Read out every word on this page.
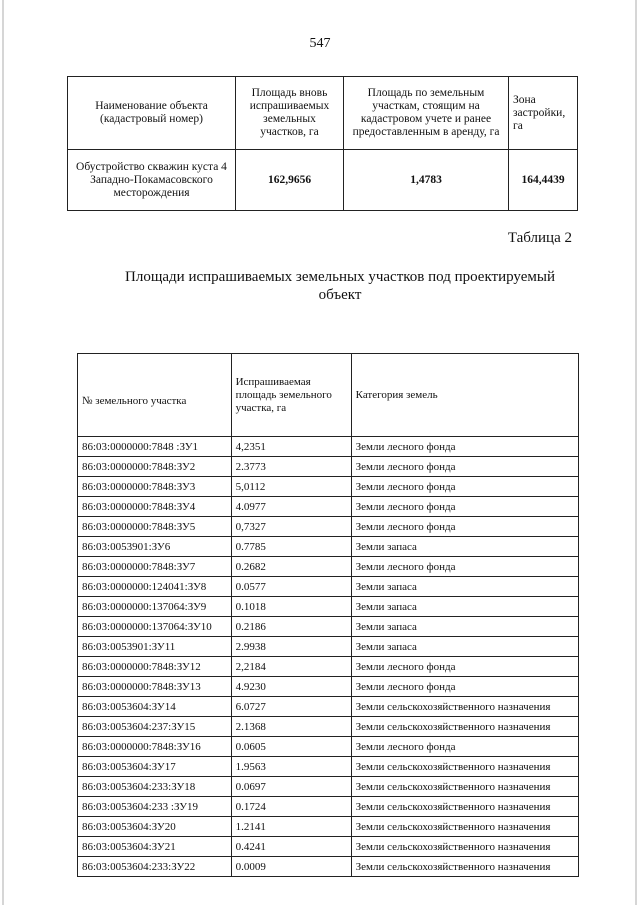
547
Наименование объекта (кадастровый номер)	Площадь вновь испрашиваемых земельных участков, га	Площадь по земельным участкам, стоящим на кадастровом учете и ранее предоставленным в аренду, га	Зона застройки, га
Обустройство скважин куста 4 Западно-Покамасовского месторождения	162,9656	1,4783	164,4439
Таблица 2
Площади испрашиваемых земельных участков под проектируемый объект
№ земельного участка	Испрашиваемая площадь земельного участка, га	Категория земель
86:03:0000000:7848 :ЗУ1	4,2351	Земли лесного фонда
86:03:0000000:7848:ЗУ2	2.3773	Земли лесного фонда
86:03:0000000:7848:ЗУ3	5,0112	Земли лесного фонда
86:03:0000000:7848:ЗУ4	4.0977	Земли лесного фонда
86:03:0000000:7848:ЗУ5	0,7327	Земли лесного фонда
86:03:0053901:ЗУ6	0.7785	Земли запаса
86:03:0000000:7848:ЗУ7	0.2682	Земли лесного фонда
86:03:0000000:124041:ЗУ8	0.0577	Земли запаса
86:03:0000000:137064:ЗУ9	0.1018	Земли запаса
86:03:0000000:137064:ЗУ10	0.2186	Земли запаса
86:03:0053901:ЗУ11	2.9938	Земли запаса
86:03:0000000:7848:ЗУ12	2,2184	Земли лесного фонда
86:03:0000000:7848:ЗУ13	4.9230	Земли лесного фонда
86:03:0053604:ЗУ14	6.0727	Земли сельскохозяйственного назначения
86:03:0053604:237:ЗУ15	2.1368	Земли сельскохозяйственного назначения
86:03:0000000:7848:ЗУ16	0.0605	Земли лесного фонда
86:03:0053604:ЗУ17	1.9563	Земли сельскохозяйственного назначения
86:03:0053604:233:ЗУ18	0.0697	Земли сельскохозяйственного назначения
86:03:0053604:233 :ЗУ19	0.1724	Земли сельскохозяйственного назначения
86:03:0053604:ЗУ20	1.2141	Земли сельскохозяйственного назначения
86:03:0053604:ЗУ21	0.4241	Земли сельскохозяйственного назначения
86:03:0053604:233:ЗУ22	0.0009	Земли сельскохозяйственного назначения
